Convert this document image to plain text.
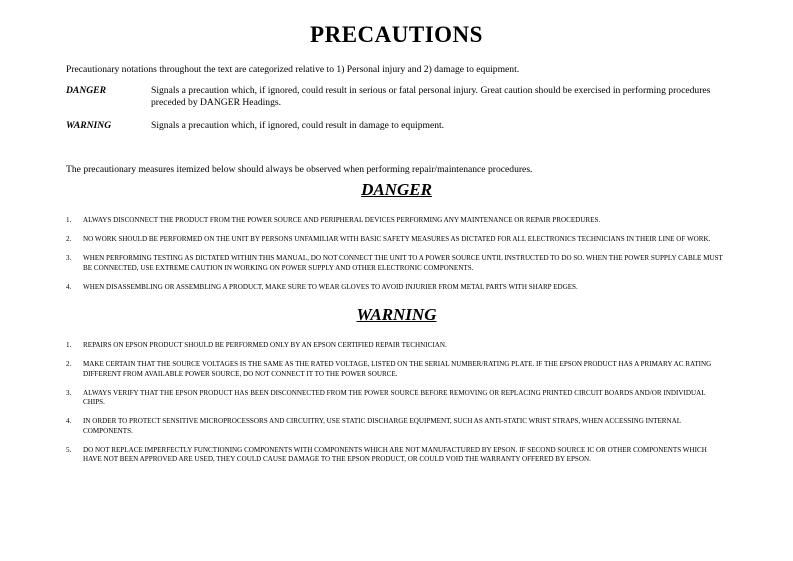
PRECAUTIONS

Precautionary notations throughout the text are categorized relative to 1) Personal injury and 2) damage to equipment.

DANGER	Signals a precaution which, if ignored, could result in serious or fatal personal injury. Great caution should be exercised in performing procedures preceded by DANGER Headings.
WARNING	Signals a precaution which, if ignored, could result in damage to equipment.

The precautionary measures itemized below should always be observed when performing repair/maintenance procedures.

DANGER
1.	ALWAYS DISCONNECT THE PRODUCT FROM THE POWER SOURCE AND PERIPHERAL DEVICES PERFORMING ANY MAINTENANCE OR REPAIR PROCEDURES.
2.	NO WORK SHOULD BE PERFORMED ON THE UNIT BY PERSONS UNFAMILIAR WITH BASIC SAFETY MEASURES AS DICTATED FOR ALL ELECTRONICS TECHNICIANS IN THEIR LINE OF WORK.
3.	WHEN PERFORMING TESTING AS DICTATED WITHIN THIS MANUAL, DO NOT CONNECT THE UNIT TO A POWER SOURCE UNTIL INSTRUCTED TO DO SO. WHEN THE POWER SUPPLY CABLE MUST BE CONNECTED, USE EXTREME CAUTION IN WORKING ON POWER SUPPLY AND OTHER ELECTRONIC COMPONENTS.
4.	WHEN DISASSEMBLING OR ASSEMBLING A PRODUCT, MAKE SURE TO WEAR GLOVES TO AVOID INJURIER FROM METAL PARTS WITH SHARP EDGES.
WARNING
1.	REPAIRS ON EPSON PRODUCT SHOULD BE PERFORMED ONLY BY AN EPSON CERTIFIED REPAIR TECHNICIAN.
2.	MAKE CERTAIN THAT THE SOURCE VOLTAGES IS THE SAME AS THE RATED VOLTAGE, LISTED ON THE SERIAL NUMBER/RATING PLATE. IF THE EPSON PRODUCT HAS A PRIMARY AC RATING DIFFERENT FROM AVAILABLE POWER SOURCE, DO NOT CONNECT IT TO THE POWER SOURCE.
3.	ALWAYS VERIFY THAT THE EPSON PRODUCT HAS BEEN DISCONNECTED FROM THE POWER SOURCE BEFORE REMOVING OR REPLACING PRINTED CIRCUIT BOARDS AND/OR INDIVIDUAL CHIPS.
4.	IN ORDER TO PROTECT SENSITIVE MICROPROCESSORS AND CIRCUITRY, USE STATIC DISCHARGE EQUIPMENT, SUCH AS ANTI-STATIC WRIST STRAPS, WHEN ACCESSING INTERNAL COMPONENTS.
5.	DO NOT REPLACE IMPERFECTLY FUNCTIONING COMPONENTS WITH COMPONENTS WHICH ARE NOT MANUFACTURED BY EPSON. IF SECOND SOURCE IC OR OTHER COMPONENTS WHICH HAVE NOT BEEN APPROVED ARE USED, THEY COULD CAUSE DAMAGE TO THE EPSON PRODUCT, OR COULD VOID THE WARRANTY OFFERED BY EPSON.
